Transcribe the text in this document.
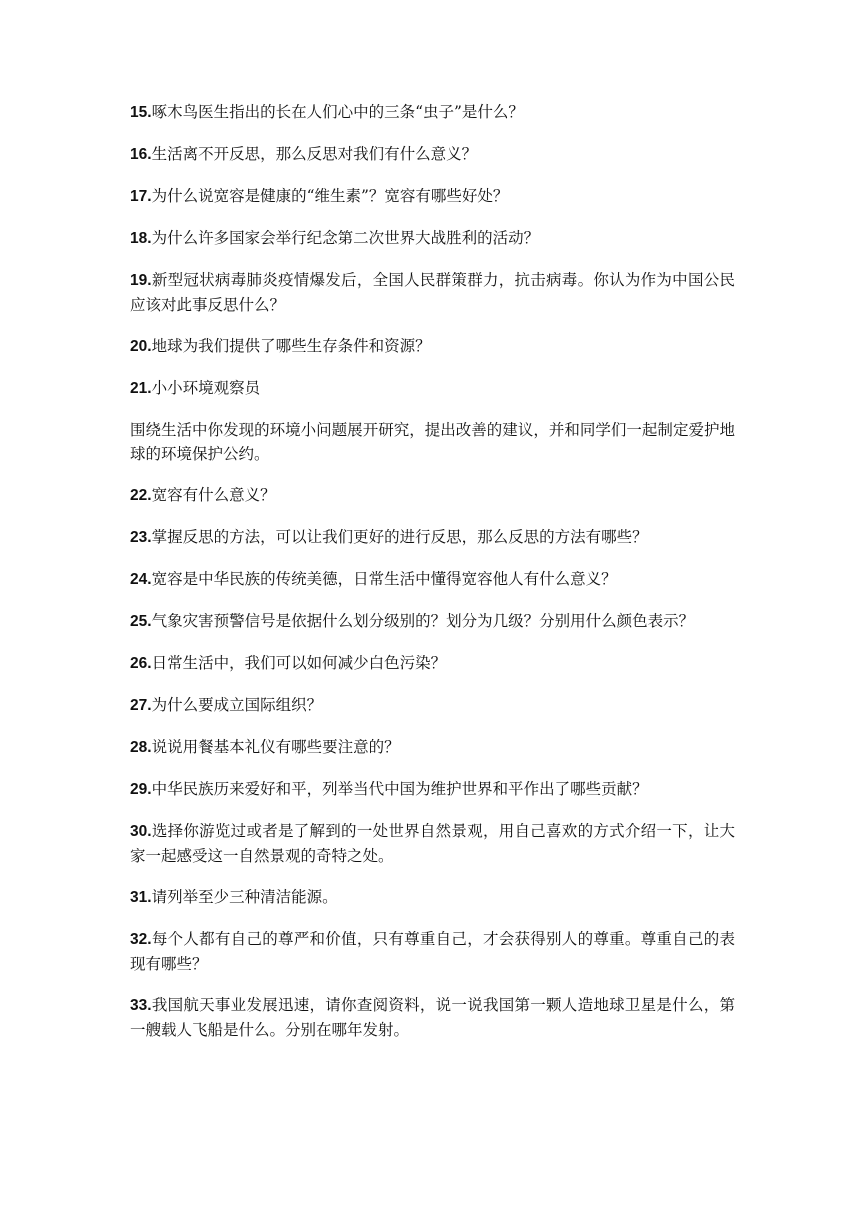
15.啄木鸟医生指出的长在人们心中的三条“虫子”是什么？

16.生活离不开反思，那么反思对我们有什么意义？

17.为什么说宽容是健康的“维生素”？宽容有哪些好处？

18.为什么许多国家会举行纪念第二次世界大战胜利的活动？

19.新型冠状病毒肺炎疫情爆发后，全国人民群策群力，抗击病毒。你认为作为中国公民应该对此事反思什么？

20.地球为我们提供了哪些生存条件和资源？

21.小小环境观察员

围绕生活中你发现的环境小问题展开研究，提出改善的建议，并和同学们一起制定爱护地球的环境保护公约。

22.宽容有什么意义？

23.掌握反思的方法，可以让我们更好的进行反思，那么反思的方法有哪些？

24.宽容是中华民族的传统美德，日常生活中懂得宽容他人有什么意义？

25.气象灾害预警信号是依据什么划分级别的？划分为几级？分别用什么颜色表示？

26.日常生活中，我们可以如何减少白色污染？

27.为什么要成立国际组织？

28.说说用餐基本礼仪有哪些要注意的？

29.中华民族历来爱好和平，列举当代中国为维护世界和平作出了哪些贡献？

30.选择你游览过或者是了解到的一处世界自然景观，用自己喜欢的方式介绍一下，让大家一起感受这一自然景观的奇特之处。

31.请列举至少三种清洁能源。

32.每个人都有自己的尊严和价值，只有尊重自己，才会获得别人的尊重。尊重自己的表现有哪些？

33.我国航天事业发展迅速，请你查阅资料，说一说我国第一颗人造地球卫星是什么，第一艘载人飞船是什么。分别在哪年发射。
